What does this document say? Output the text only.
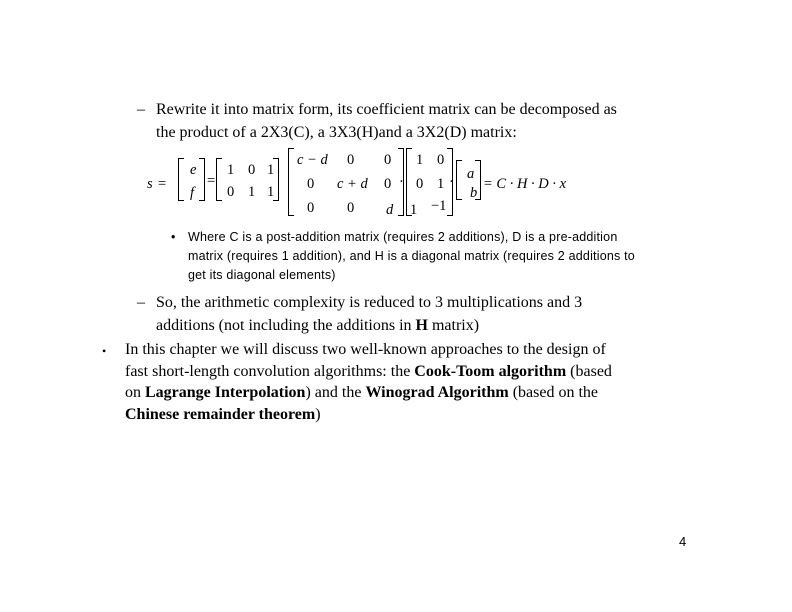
– Rewrite it into matrix form, its coefficient matrix can be decomposed as
the product of a 2X3(C), a 3X3(H)and a 3X2(D) matrix:
s =
e
f
=
1 0 1
0 1 1
c − d 0 0
0 c + d 0
0 0 d
·
1 0
0 1
1 −1
· a
b
= C · H · D · x
• Where C is a post-addition matrix (requires 2 additions), D is a pre-addition
matrix (requires 1 addition), and H is a diagonal matrix (requires 2 additions to
get its diagonal elements)
– So, the arithmetic complexity is reduced to 3 multiplications and 3
additions (not including the additions in H matrix)
• In this chapter we will discuss two well-known approaches to the design of
fast short-length convolution algorithms: the Cook-Toom algorithm (based
on Lagrange Interpolation) and the Winograd Algorithm (based on the
Chinese remainder theorem)
4
